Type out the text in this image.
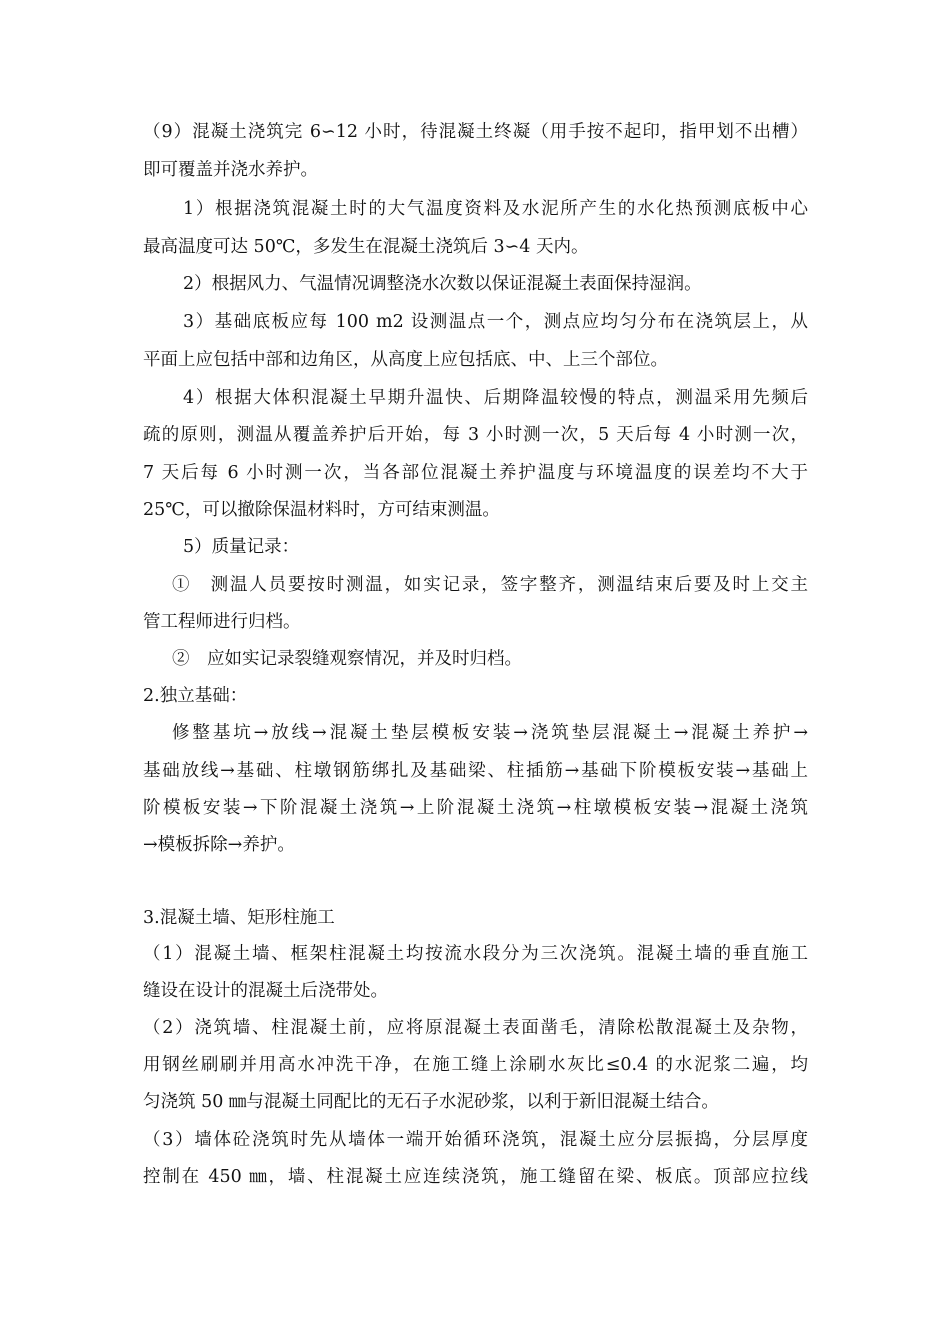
（9）混凝土浇筑完 6∽12 小时，待混凝土终凝（用手按不起印，指甲划不出槽）
即可覆盖并浇水养护。
1）根据浇筑混凝土时的大气温度资料及水泥所产生的水化热预测底板中心
最高温度可达 50℃，多发生在混凝土浇筑后 3∽4 天内。
2）根据风力、气温情况调整浇水次数以保证混凝土表面保持湿润。
3）基础底板应每 100 m2 设测温点一个，测点应均匀分布在浇筑层上，从
平面上应包括中部和边角区，从高度上应包括底、中、上三个部位。
4）根据大体积混凝土早期升温快、后期降温较慢的特点，测温采用先频后
疏的原则，测温从覆盖养护后开始，每 3 小时测一次，5 天后每 4 小时测一次，
7 天后每 6 小时测一次，当各部位混凝土养护温度与环境温度的误差均不大于
25℃，可以撤除保温材料时，方可结束测温。
5）质量记录：
①　测温人员要按时测温，如实记录，签字整齐，测温结束后要及时上交主
管工程师进行归档。
②　应如实记录裂缝观察情况，并及时归档。
2.独立基础：
修整基坑→放线→混凝土垫层模板安装→浇筑垫层混凝土→混凝土养护→
基础放线→基础、柱墩钢筋绑扎及基础梁、柱插筋→基础下阶模板安装→基础上
阶模板安装→下阶混凝土浇筑→上阶混凝土浇筑→柱墩模板安装→混凝土浇筑
→模板拆除→养护。
3.混凝土墙、矩形柱施工
（1）混凝土墙、框架柱混凝土均按流水段分为三次浇筑。混凝土墙的垂直施工
缝设在设计的混凝土后浇带处。
（2）浇筑墙、柱混凝土前，应将原混凝土表面凿毛，清除松散混凝土及杂物，
用钢丝刷刷并用高水冲洗干净，在施工缝上涂刷水灰比≤0.4 的水泥浆二遍，均
匀浇筑 50 ㎜与混凝土同配比的无石子水泥砂浆，以利于新旧混凝土结合。
（3）墙体砼浇筑时先从墙体一端开始循环浇筑，混凝土应分层振捣，分层厚度
控制在 450 ㎜，墙、柱混凝土应连续浇筑，施工缝留在梁、板底。顶部应拉线
